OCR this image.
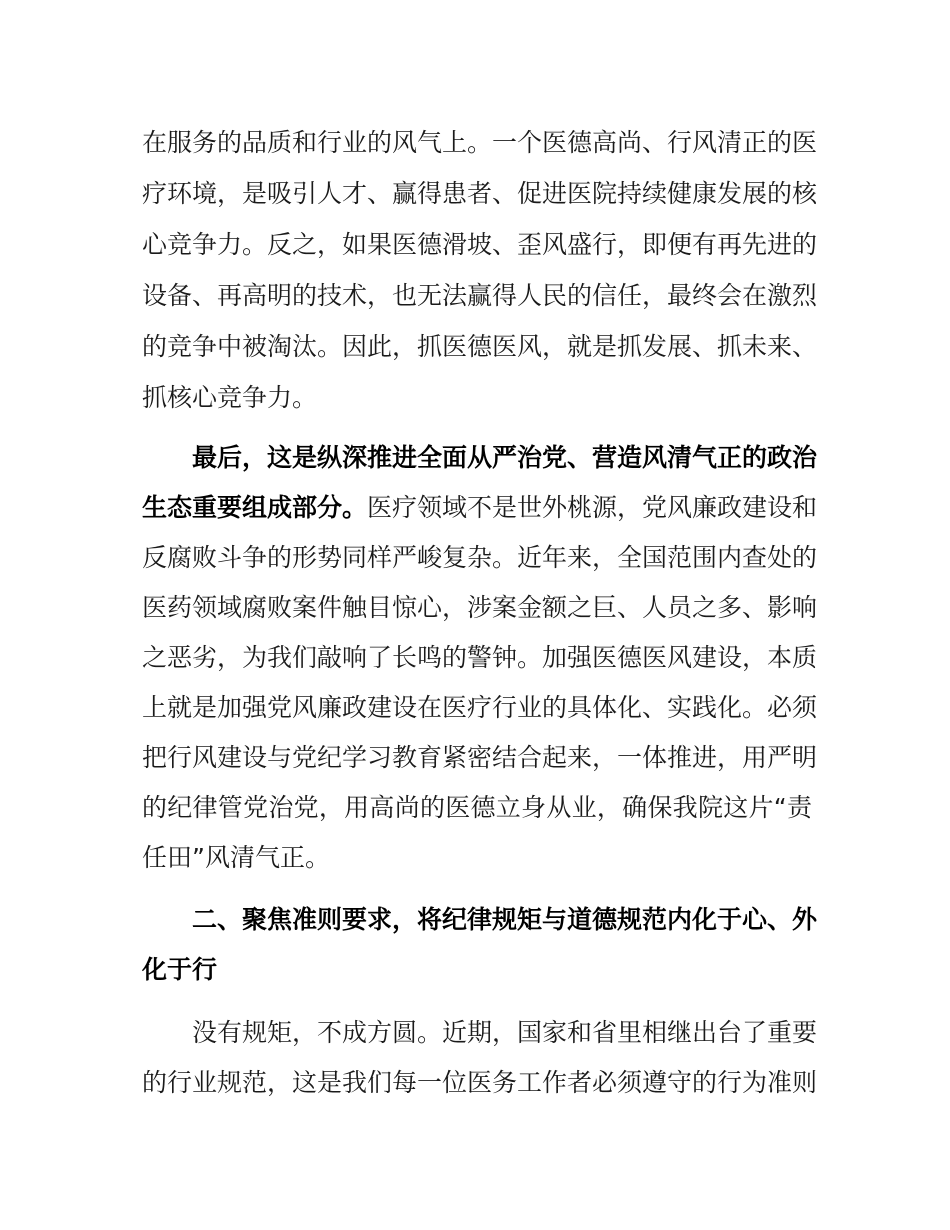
在服务的品质和行业的风气上。一个医德高尚、行风清正的医
疗环境，是吸引人才、赢得患者、促进医院持续健康发展的核
心竞争力。反之，如果医德滑坡、歪风盛行，即便有再先进的
设备、再高明的技术，也无法赢得人民的信任，最终会在激烈
的竞争中被淘汰。因此，抓医德医风，就是抓发展、抓未来、
抓核心竞争力。
最后，这是纵深推进全面从严治党、营造风清气正的政治
生态重要组成部分。医疗领域不是世外桃源，党风廉政建设和
反腐败斗争的形势同样严峻复杂。近年来，全国范围内查处的
医药领域腐败案件触目惊心，涉案金额之巨、人员之多、影响
之恶劣，为我们敲响了长鸣的警钟。加强医德医风建设，本质
上就是加强党风廉政建设在医疗行业的具体化、实践化。必须
把行风建设与党纪学习教育紧密结合起来，一体推进，用严明
的纪律管党治党，用高尚的医德立身从业，确保我院这片“责
任田”风清气正。
二、聚焦准则要求，将纪律规矩与道德规范内化于心、外
化于行
没有规矩，不成方圆。近期，国家和省里相继出台了重要
的行业规范，这是我们每一位医务工作者必须遵守的行为准则
